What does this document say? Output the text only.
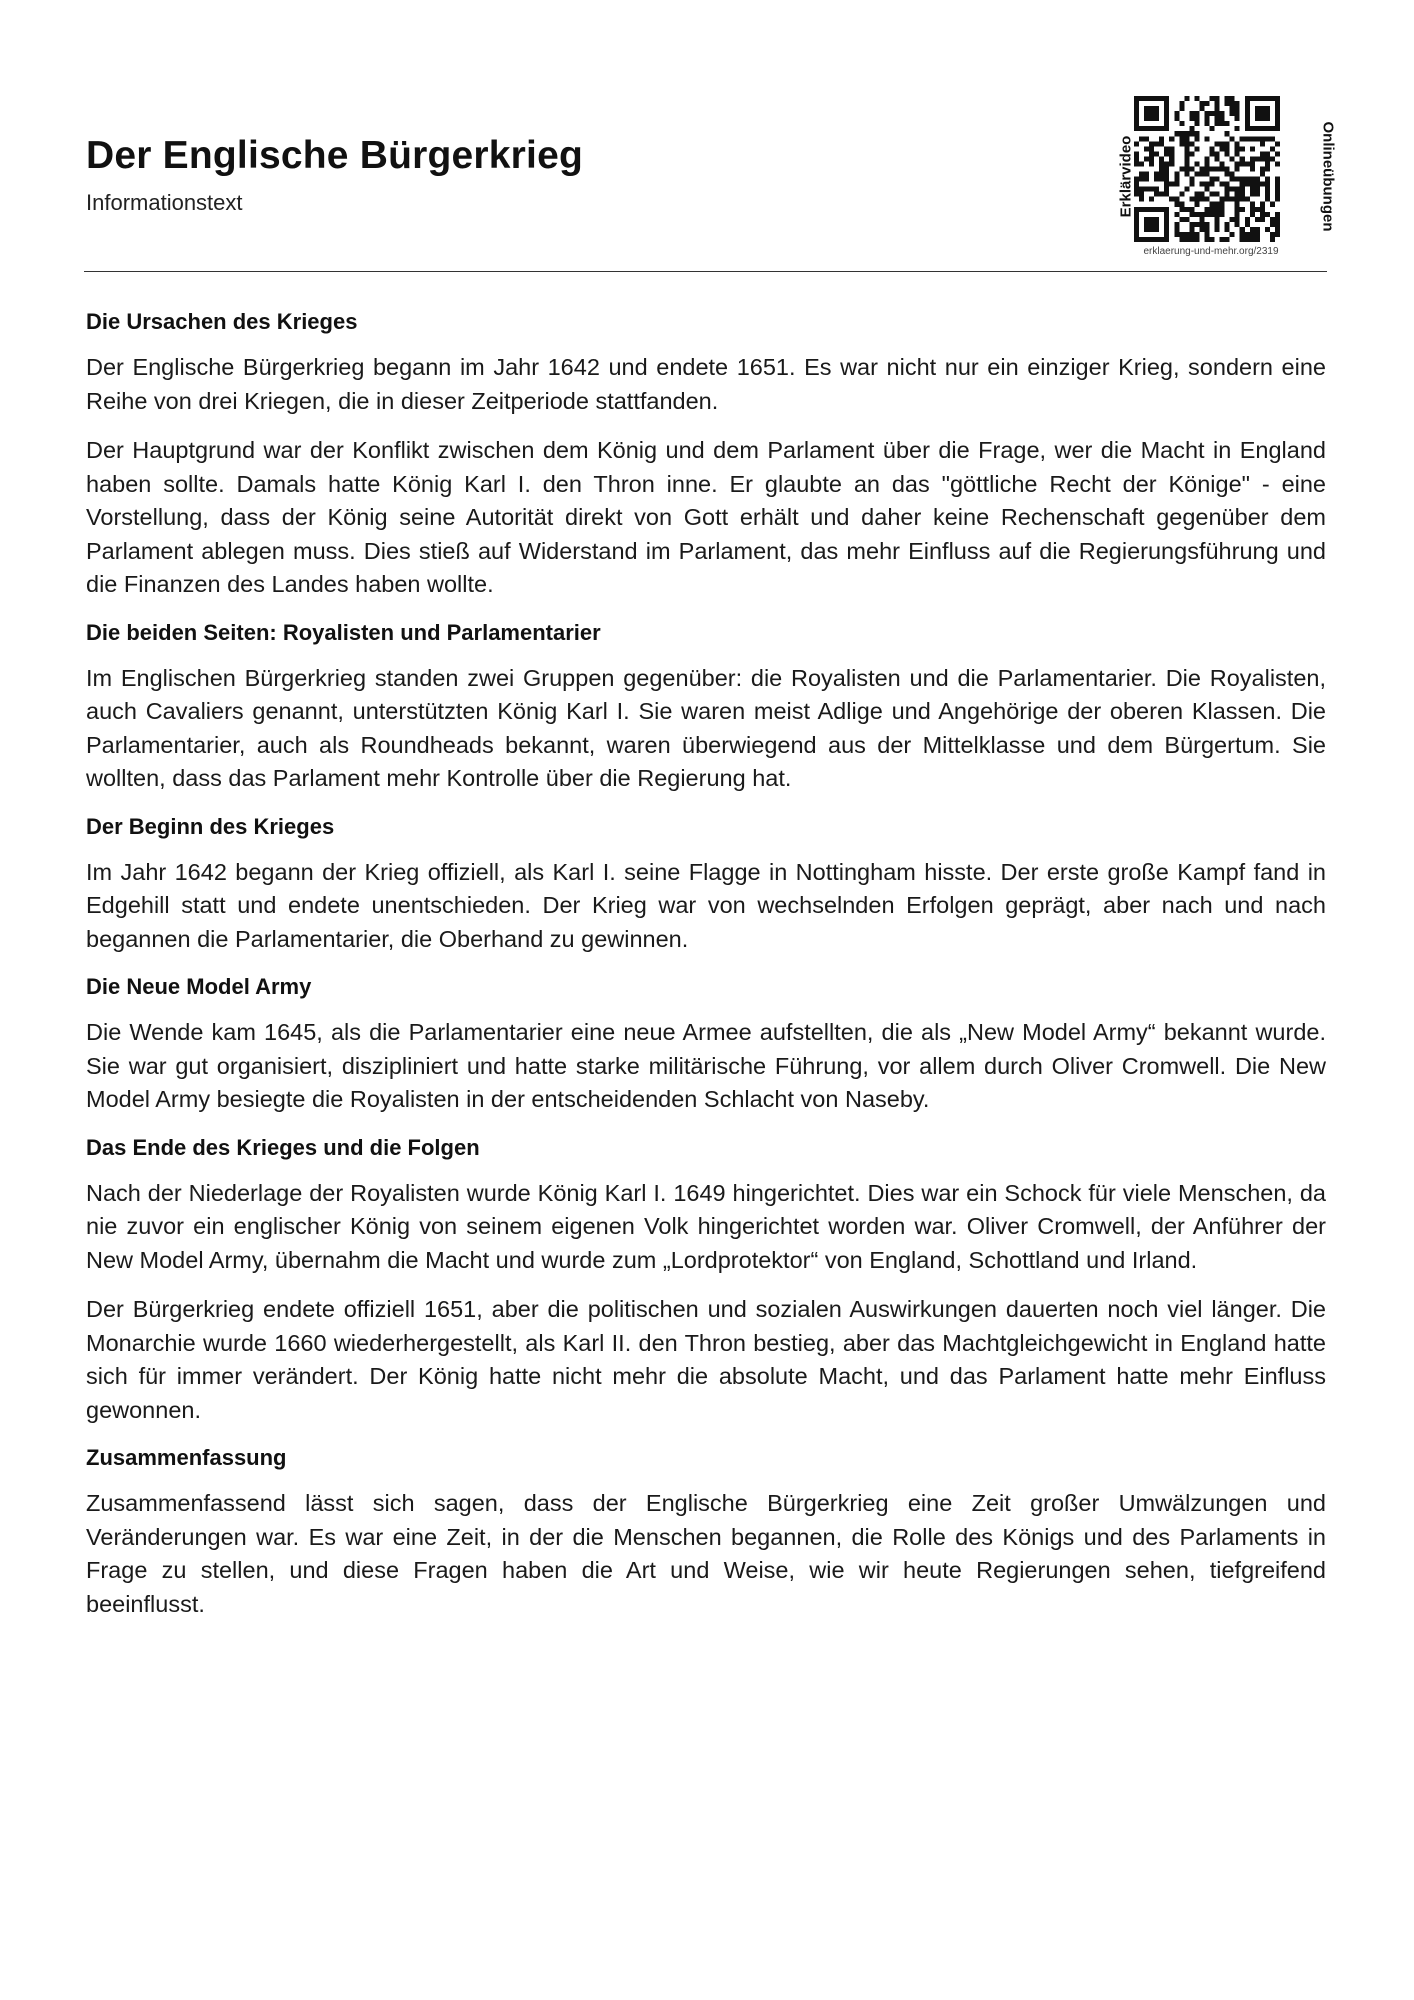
Der Englische Bürgerkrieg
Informationstext	Erklärvideo	Onlineübungen
erklaerung-und-mehr.org/2319
Die Ursachen des Krieges

Der Englische Bürgerkrieg begann im Jahr 1642 und endete 1651. Es war nicht nur ein einziger Krieg, sondern eine Reihe von drei Kriegen, die in dieser Zeitperiode stattfanden.

Der Hauptgrund war der Konflikt zwischen dem König und dem Parlament über die Frage, wer die Macht in England haben sollte. Damals hatte König Karl I. den Thron inne. Er glaubte an das "göttliche Recht der Könige" - eine Vorstellung, dass der König seine Autorität direkt von Gott erhält und daher keine Rechenschaft gegenüber dem Parlament ablegen muss. Dies stieß auf Widerstand im Parlament, das mehr Einfluss auf die Regierungsführung und die Finanzen des Landes haben wollte.

Die beiden Seiten: Royalisten und Parlamentarier

Im Englischen Bürgerkrieg standen zwei Gruppen gegenüber: die Royalisten und die Parlamentarier. Die Royalisten, auch Cavaliers genannt, unterstützten König Karl I. Sie waren meist Adlige und Angehörige der oberen Klassen. Die Parlamentarier, auch als Roundheads bekannt, waren überwiegend aus der Mittelklasse und dem Bürgertum. Sie wollten, dass das Parlament mehr Kontrolle über die Regierung hat.

Der Beginn des Krieges

Im Jahr 1642 begann der Krieg offiziell, als Karl I. seine Flagge in Nottingham hisste. Der erste große Kampf fand in Edgehill statt und endete unentschieden. Der Krieg war von wechselnden Erfolgen geprägt, aber nach und nach begannen die Parlamentarier, die Oberhand zu gewinnen.

Die Neue Model Army

Die Wende kam 1645, als die Parlamentarier eine neue Armee aufstellten, die als „New Model Army“ bekannt wurde. Sie war gut organisiert, diszipliniert und hatte starke militärische Führung, vor allem durch Oliver Cromwell. Die New Model Army besiegte die Royalisten in der entscheidenden Schlacht von Naseby.

Das Ende des Krieges und die Folgen

Nach der Niederlage der Royalisten wurde König Karl I. 1649 hingerichtet. Dies war ein Schock für viele Menschen, da nie zuvor ein englischer König von seinem eigenen Volk hingerichtet worden war. Oliver Cromwell, der Anführer der New Model Army, übernahm die Macht und wurde zum „Lordprotektor“ von England, Schottland und Irland.

Der Bürgerkrieg endete offiziell 1651, aber die politischen und sozialen Auswirkungen dauerten noch viel länger. Die Monarchie wurde 1660 wiederhergestellt, als Karl II. den Thron bestieg, aber das Machtgleichgewicht in England hatte sich für immer verändert. Der König hatte nicht mehr die absolute Macht, und das Parlament hatte mehr Einfluss gewonnen.

Zusammenfassung

Zusammenfassend lässt sich sagen, dass der Englische Bürgerkrieg eine Zeit großer Umwälzungen und Veränderungen war. Es war eine Zeit, in der die Menschen begannen, die Rolle des Königs und des Parlaments in Frage zu stellen, und diese Fragen haben die Art und Weise, wie wir heute Regierungen sehen, tiefgreifend beeinflusst.
